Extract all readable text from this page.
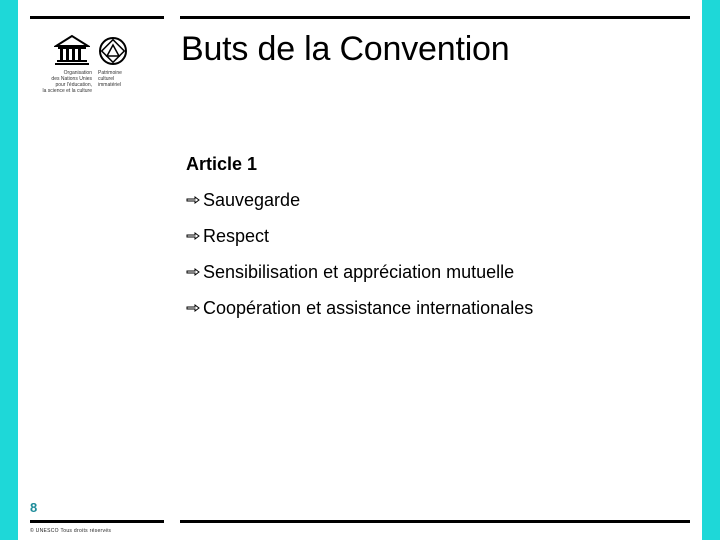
Organisation
des Nations Unies
pour l'éducation,
la science et la culture
Patrimoine
culturel
immatériel
Buts de la Convention
Article 1
Sauvegarde
Respect
Sensibilisation et appréciation mutuelle
Coopération et assistance internationales
8
© UNESCO Tous droits réservés
